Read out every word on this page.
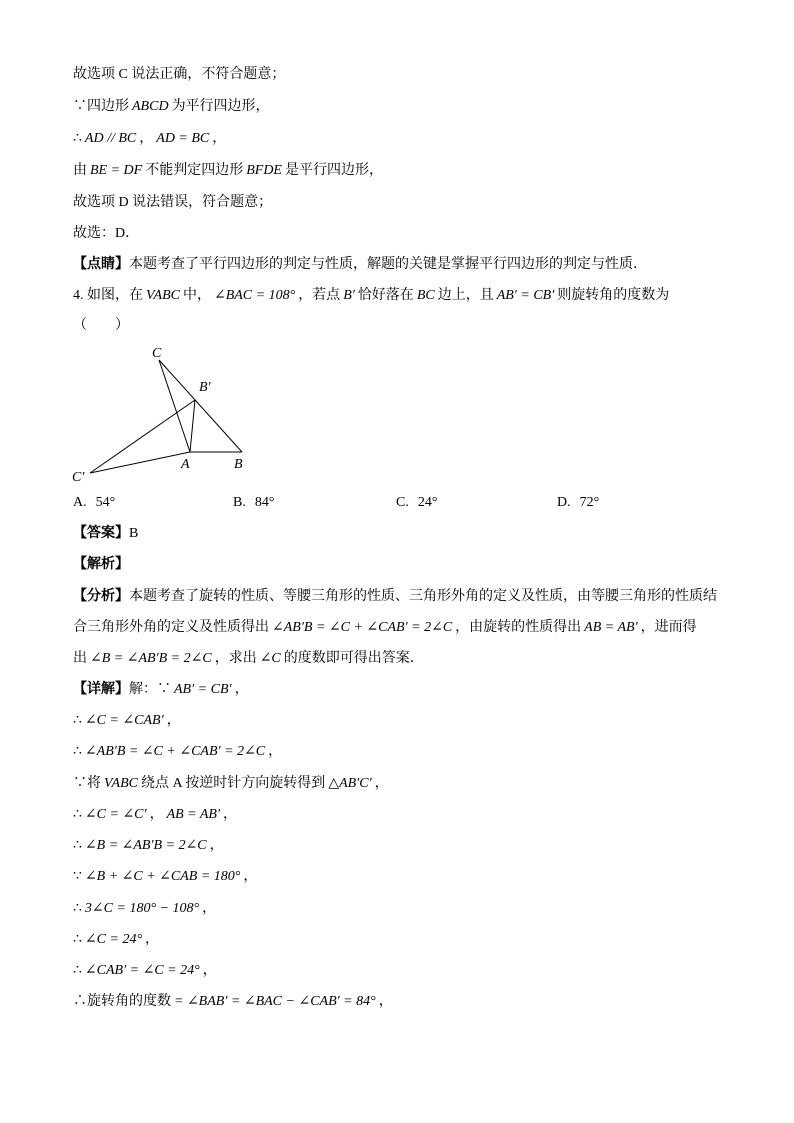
故选项 C 说法正确，不符合题意；
∵四边形 ABCD 为平行四边形，
∴ AD // BC ， AD = BC ，
由 BE = DF 不能判定四边形 BFDE 是平行四边形，
故选项 D 说法错误，符合题意；
故选：D．
【点睛】本题考查了平行四边形的判定与性质，解题的关键是掌握平行四边形的判定与性质．
4. 如图，在 VABC 中， ∠BAC = 108° ，若点 B′ 恰好落在 BC 边上，且 AB′ = CB′ 则旋转角的度数为
（　　）
C
B′
A	B
C′
A. 54°	B. 84°	C. 24°	D. 72°
【答案】B
【解析】
【分析】本题考查了旋转的性质、等腰三角形的性质、三角形外角的定义及性质，由等腰三角形的性质结
合三角形外角的定义及性质得出 ∠AB′B = ∠C + ∠CAB′ = 2∠C ，由旋转的性质得出 AB = AB′ ，进而得
出 ∠B = ∠AB′B = 2∠C ，求出 ∠C 的度数即可得出答案．
【详解】解：∵ AB′ = CB′ ，
∴ ∠C = ∠CAB′ ，
∴ ∠AB′B = ∠C + ∠CAB′ = 2∠C ，
∵将 VABC 绕点 A 按逆时针方向旋转得到 △AB′C′ ，
∴ ∠C = ∠C′ ， AB = AB′ ，
∴ ∠B = ∠AB′B = 2∠C ，
∵ ∠B + ∠C + ∠CAB = 180° ，
∴ 3∠C = 180° − 108° ，
∴ ∠C = 24° ，
∴ ∠CAB′ = ∠C = 24° ，
∴旋转角的度数 = ∠BAB′ = ∠BAC − ∠CAB′ = 84° ，
